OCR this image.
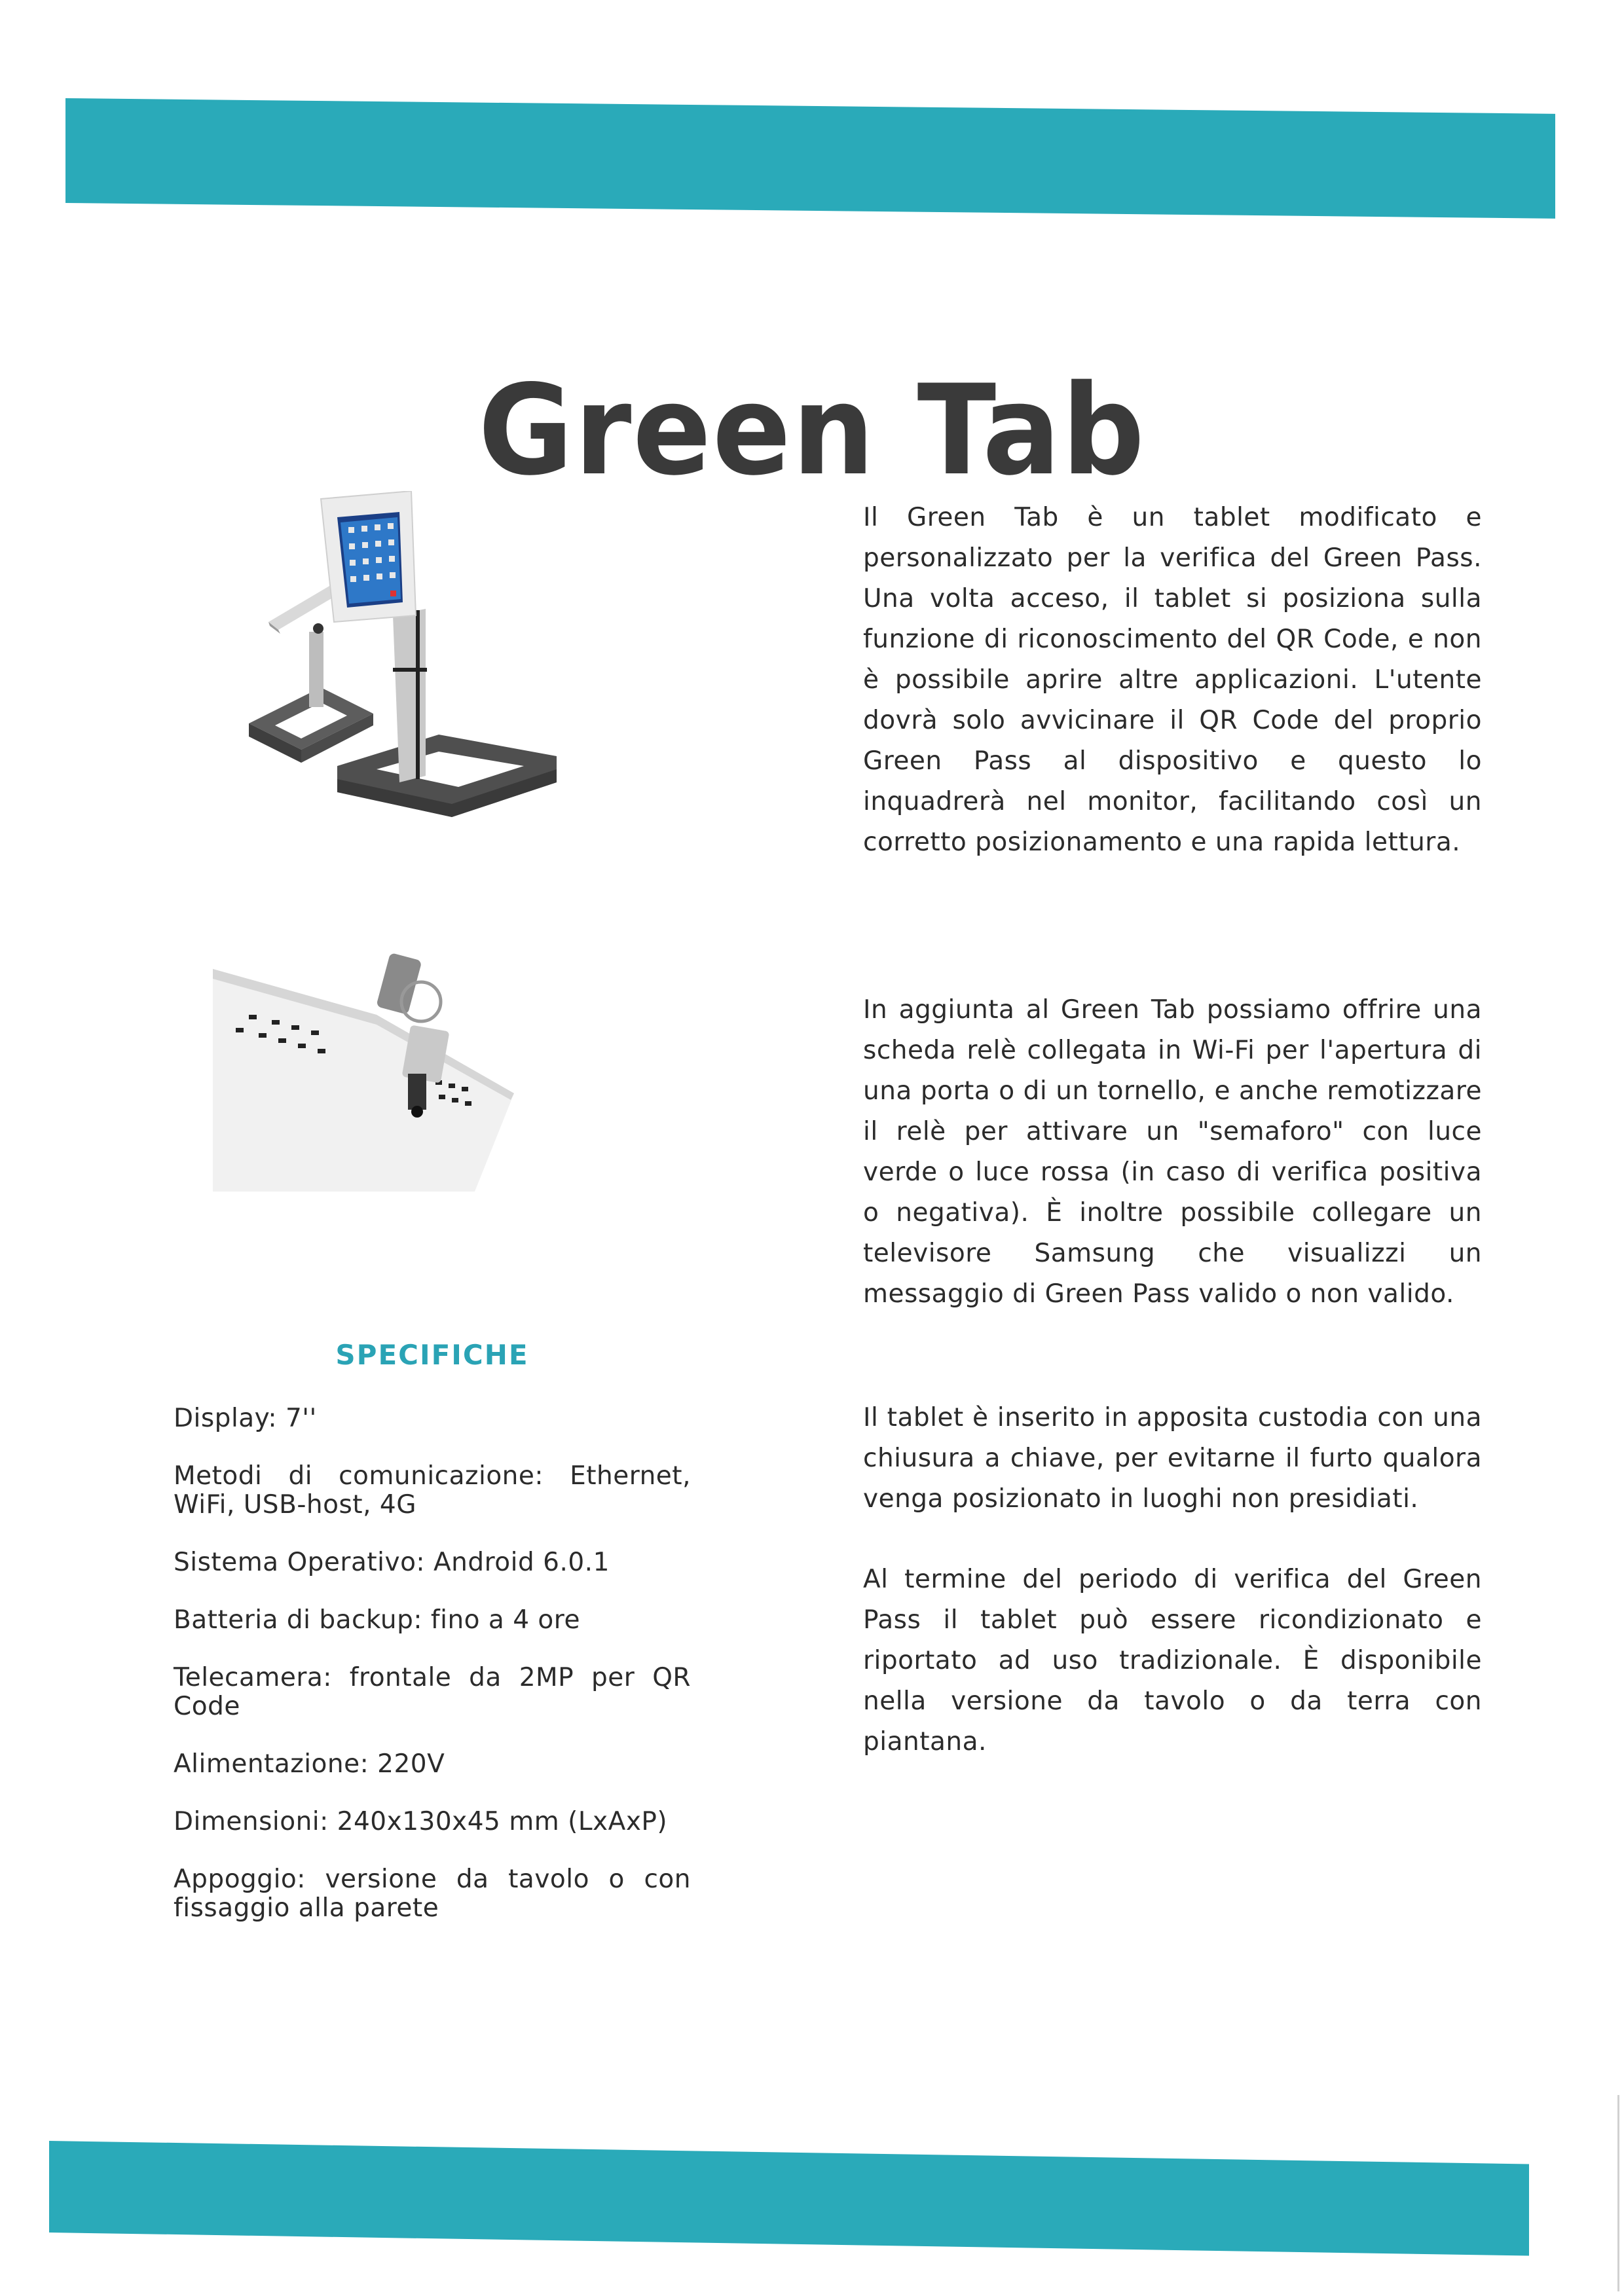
Green Tab

Il Green Tab è un tablet modificato e personalizzato per la verifica del Green Pass. Una volta acceso, il tablet si posiziona sulla funzione di riconoscimento del QR Code, e non è possibile aprire altre applicazioni. L'utente dovrà solo avvicinare il QR Code del proprio Green Pass al dispositivo e questo lo inquadrerà nel monitor, facilitando così un corretto posizionamento e una rapida lettura.

In aggiunta al Green Tab possiamo offrire una scheda relè collegata in Wi-Fi per l'apertura di una porta o di un tornello, e anche remotizzare il relè per attivare un "semaforo" con luce verde o luce rossa (in caso di verifica positiva o negativa). È inoltre possibile collegare un televisore Samsung che visualizzi un messaggio di Green Pass valido o non valido.

Il tablet è inserito in apposita custodia con una chiusura a chiave, per evitarne il furto qualora venga posizionato in luoghi non presidiati.

Al termine del periodo di verifica del Green Pass il tablet può essere ricondizionato e riportato ad uso tradizionale. È disponibile nella versione da tavolo o da terra con piantana.

SPECIFICHE
Display: 7''
Metodi di comunicazione: Ethernet, WiFi, USB-host, 4G
Sistema Operativo: Android 6.0.1
Batteria di backup: fino a 4 ore
Telecamera: frontale da 2MP per QR Code
Alimentazione: 220V
Dimensioni: 240x130x45 mm (LxAxP)
Appoggio: versione da tavolo o con fissaggio alla parete
